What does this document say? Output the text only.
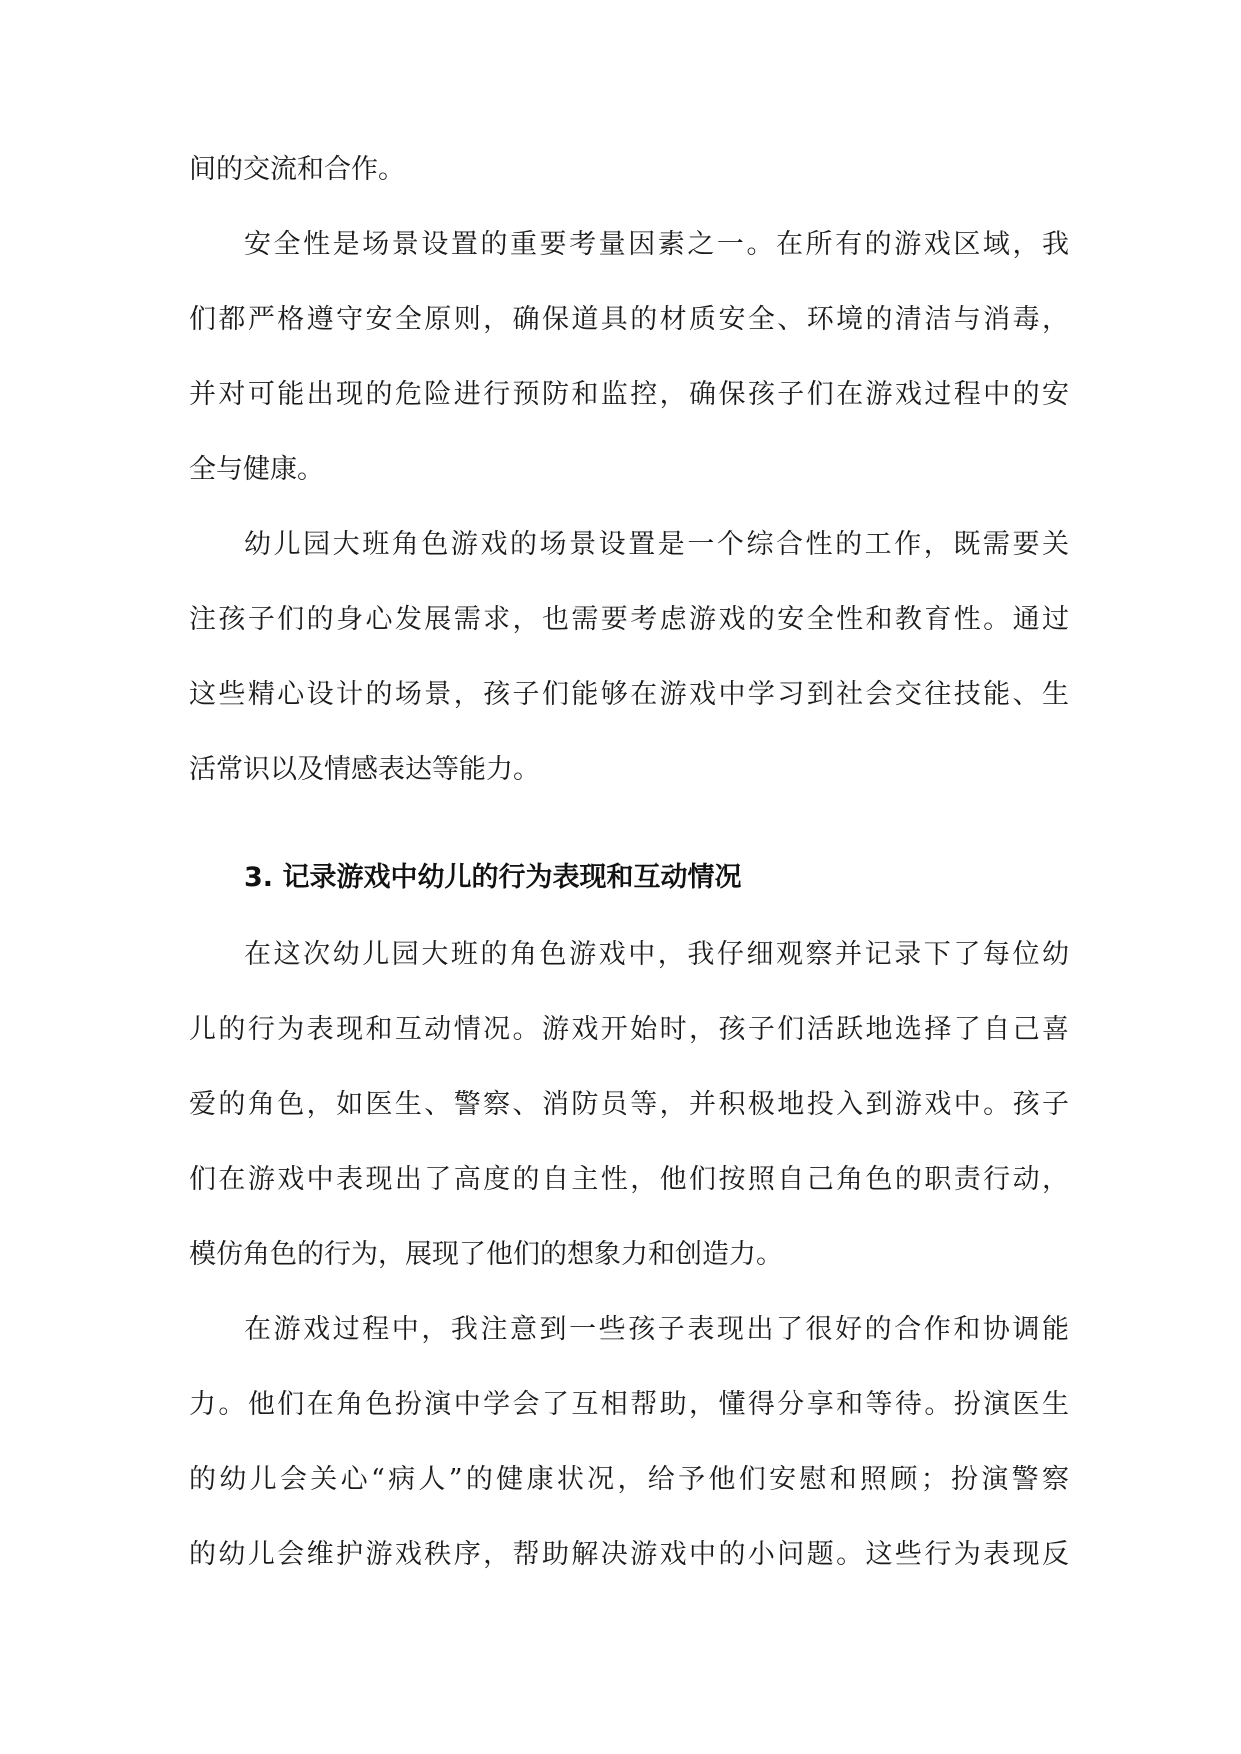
间的交流和合作。
安全性是场景设置的重要考量因素之一。在所有的游戏区域，我
们都严格遵守安全原则，确保道具的材质安全、环境的清洁与消毒，
并对可能出现的危险进行预防和监控，确保孩子们在游戏过程中的安
全与健康。
幼儿园大班角色游戏的场景设置是一个综合性的工作，既需要关
注孩子们的身心发展需求，也需要考虑游戏的安全性和教育性。通过
这些精心设计的场景，孩子们能够在游戏中学习到社会交往技能、生
活常识以及情感表达等能力。
3. 记录游戏中幼儿的行为表现和互动情况
在这次幼儿园大班的角色游戏中，我仔细观察并记录下了每位幼
儿的行为表现和互动情况。游戏开始时，孩子们活跃地选择了自己喜
爱的角色，如医生、警察、消防员等，并积极地投入到游戏中。孩子
们在游戏中表现出了高度的自主性，他们按照自己角色的职责行动，
模仿角色的行为，展现了他们的想象力和创造力。
在游戏过程中，我注意到一些孩子表现出了很好的合作和协调能
力。他们在角色扮演中学会了互相帮助，懂得分享和等待。扮演医生
的幼儿会关心“病人”的健康状况，给予他们安慰和照顾；扮演警察
的幼儿会维护游戏秩序，帮助解决游戏中的小问题。这些行为表现反
